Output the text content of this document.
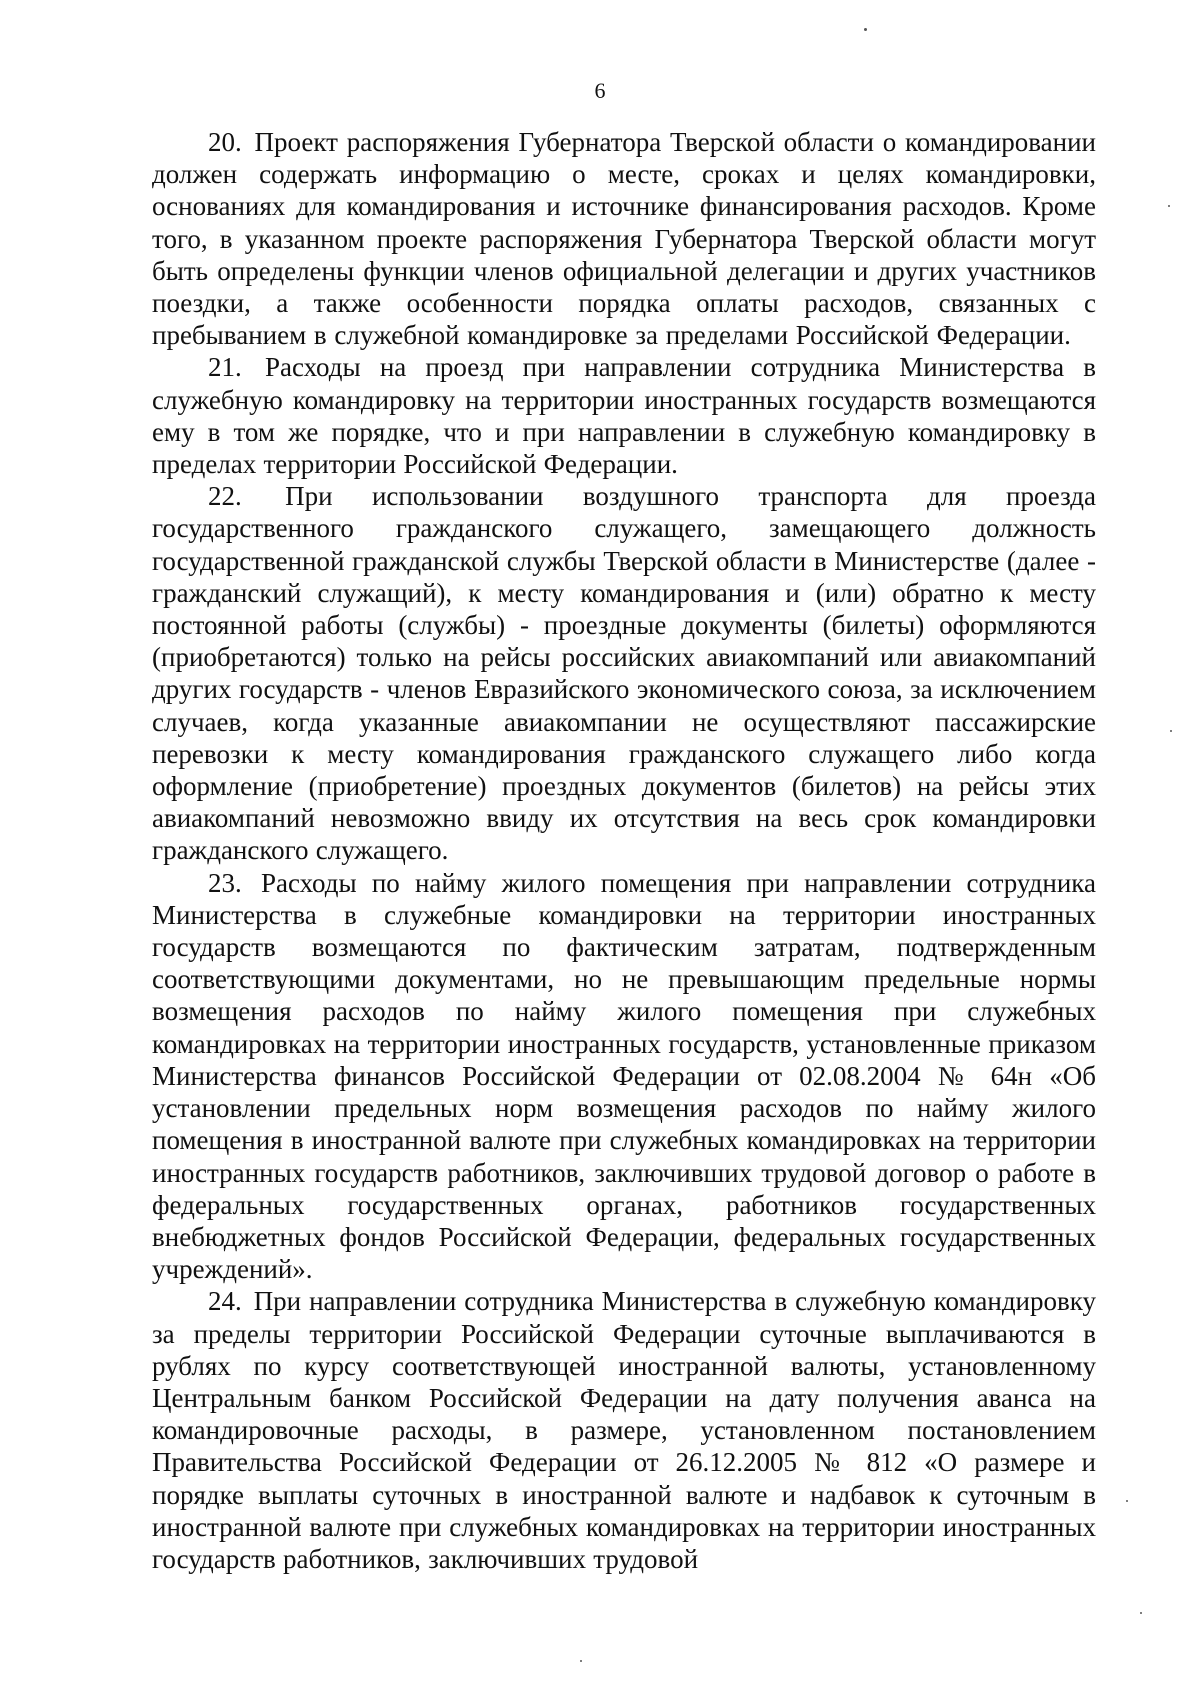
6

20. Проект распоряжения Губернатора Тверской области о командировании должен содержать информацию о месте, сроках и целях командировки, основаниях для командирования и источнике финансирования расходов. Кроме того, в указанном проекте распоряжения Губернатора Тверской области могут быть определены функции членов официальной делегации и других участников поездки, а также особенности порядка оплаты расходов, связанных с пребыванием в служебной командировке за пределами Российской Федерации.

21. Расходы на проезд при направлении сотрудника Министерства в служебную командировку на территории иностранных государств возмещаются ему в том же порядке, что и при направлении в служебную командировку в пределах территории Российской Федерации.

22. При использовании воздушного транспорта для проезда государственного гражданского служащего, замещающего должность государственной гражданской службы Тверской области в Министерстве (далее - гражданский служащий), к месту командирования и (или) обратно к месту постоянной работы (службы) - проездные документы (билеты) оформляются (приобретаются) только на рейсы российских авиакомпаний или авиакомпаний других государств - членов Евразийского экономического союза, за исключением случаев, когда указанные авиакомпании не осуществляют пассажирские перевозки к месту командирования гражданского служащего либо когда оформление (приобретение) проездных документов (билетов) на рейсы этих авиакомпаний невозможно ввиду их отсутствия на весь срок командировки гражданского служащего.

23. Расходы по найму жилого помещения при направлении сотрудника Министерства в служебные командировки на территории иностранных государств возмещаются по фактическим затратам, подтвержденным соответствующими документами, но не превышающим предельные нормы возмещения расходов по найму жилого помещения при служебных командировках на территории иностранных государств, установленные приказом Министерства финансов Российской Федерации от 02.08.2004 № 64н «Об установлении предельных норм возмещения расходов по найму жилого помещения в иностранной валюте при служебных командировках на территории иностранных государств работников, заключивших трудовой договор о работе в федеральных государственных органах, работников государственных внебюджетных фондов Российской Федерации, федеральных государственных учреждений».

24. При направлении сотрудника Министерства в служебную командировку за пределы территории Российской Федерации суточные выплачиваются в рублях по курсу соответствующей иностранной валюты, установленному Центральным банком Российской Федерации на дату получения аванса на командировочные расходы, в размере, установленном постановлением Правительства Российской Федерации от 26.12.2005 № 812 «О размере и порядке выплаты суточных в иностранной валюте и надбавок к суточным в иностранной валюте при служебных командировках на территории иностранных государств работников, заключивших трудовой
